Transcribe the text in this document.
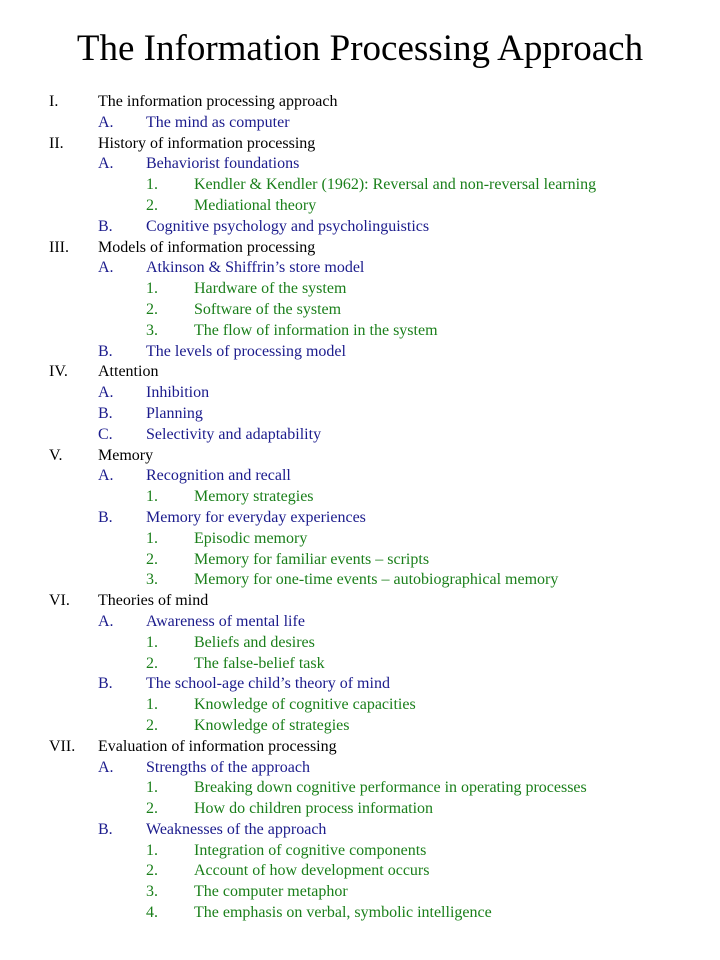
The Information Processing Approach
I. The information processing approach
A. The mind as computer
II. History of information processing
A. Behaviorist foundations
1. Kendler & Kendler (1962): Reversal and non-reversal learning
2. Mediational theory
B. Cognitive psychology and psycholinguistics
III. Models of information processing
A. Atkinson & Shiffrin’s store model
1. Hardware of the system
2. Software of the system
3. The flow of information in the system
B. The levels of processing model
IV. Attention
A. Inhibition
B. Planning
C. Selectivity and adaptability
V. Memory
A. Recognition and recall
1. Memory strategies
B. Memory for everyday experiences
1. Episodic memory
2. Memory for familiar events – scripts
3. Memory for one-time events – autobiographical memory
VI. Theories of mind
A. Awareness of mental life
1. Beliefs and desires
2. The false-belief task
B. The school-age child’s theory of mind
1. Knowledge of cognitive capacities
2. Knowledge of strategies
VII. Evaluation of information processing
A. Strengths of the approach
1. Breaking down cognitive performance in operating processes
2. How do children process information
B. Weaknesses of the approach
1. Integration of cognitive components
2. Account of how development occurs
3. The computer metaphor
4. The emphasis on verbal, symbolic intelligence
